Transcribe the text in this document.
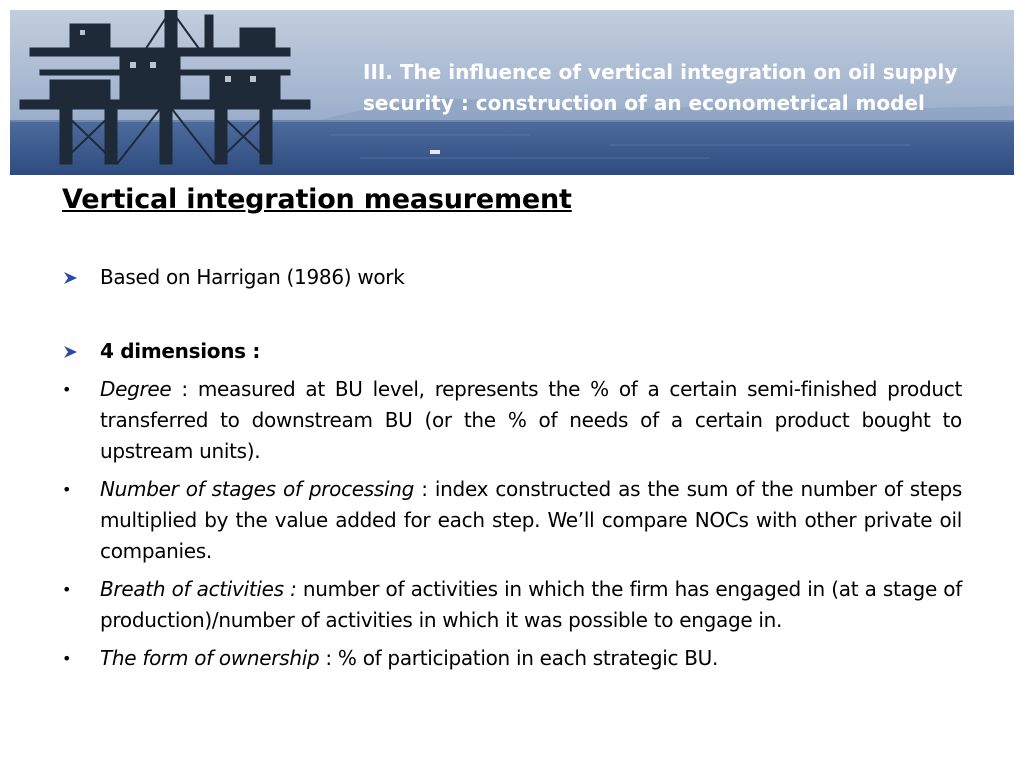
III. The influence of vertical integration on oil supply security : construction of an econometrical model
Vertical integration measurement
Based on Harrigan (1986) work
4 dimensions :
• Degree : measured at BU level, represents the % of a certain semi-finished product transferred to downstream BU (or the % of needs of a certain product bought to upstream units).
• Number of stages of processing : index constructed as the sum of the number of steps multiplied by the value added for each step. We’ll compare NOCs with other private oil companies.
• Breath of activities : number of activities in which the firm has engaged in (at a stage of production)/number of activities in which it was possible to engage in.
• The form of ownership : % of participation in each strategic BU.
